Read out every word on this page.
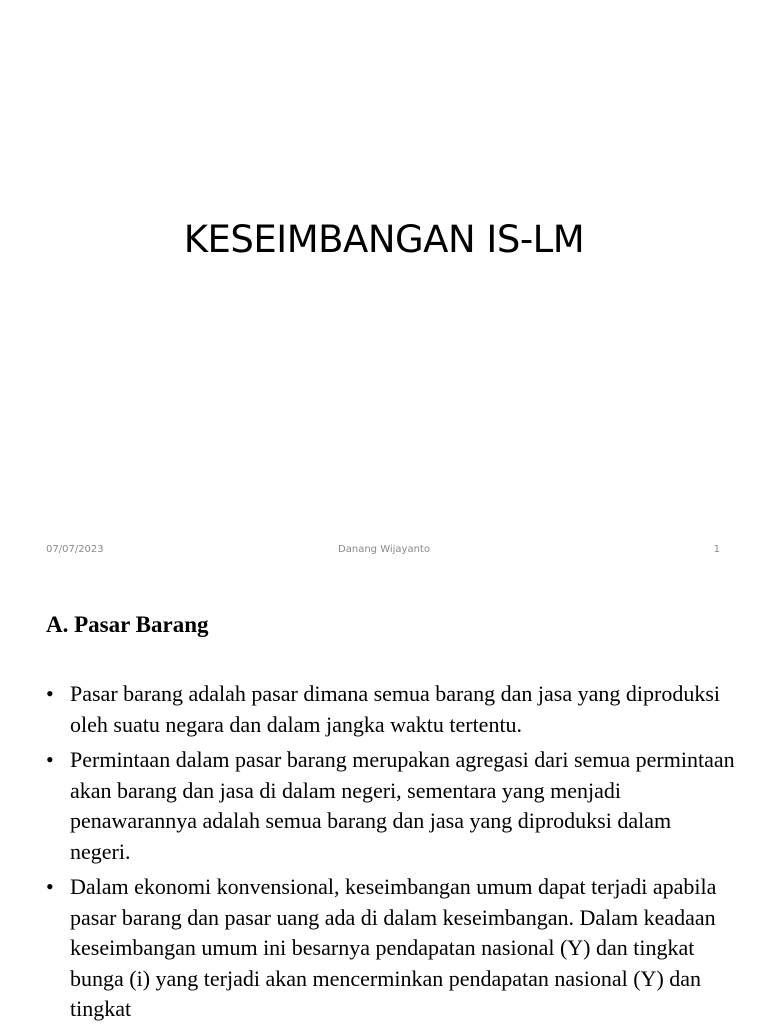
KESEIMBANGAN IS-LM
07/07/2023	Danang Wijayanto	1
A. Pasar Barang
• Pasar barang adalah pasar dimana semua barang dan jasa yang diproduksi oleh suatu negara dan dalam jangka waktu tertentu.
• Permintaan dalam pasar barang merupakan agregasi dari semua permintaan akan barang dan jasa di dalam negeri, sementara yang menjadi penawarannya adalah semua barang dan jasa yang diproduksi dalam negeri.
• Dalam ekonomi konvensional, keseimbangan umum dapat terjadi apabila pasar barang dan pasar uang ada di dalam keseimbangan. Dalam keadaan keseimbangan umum ini besarnya pendapatan nasional (Y) dan tingkat bunga (i) yang terjadi akan mencerminkan pendapatan nasional (Y) dan tingkat
